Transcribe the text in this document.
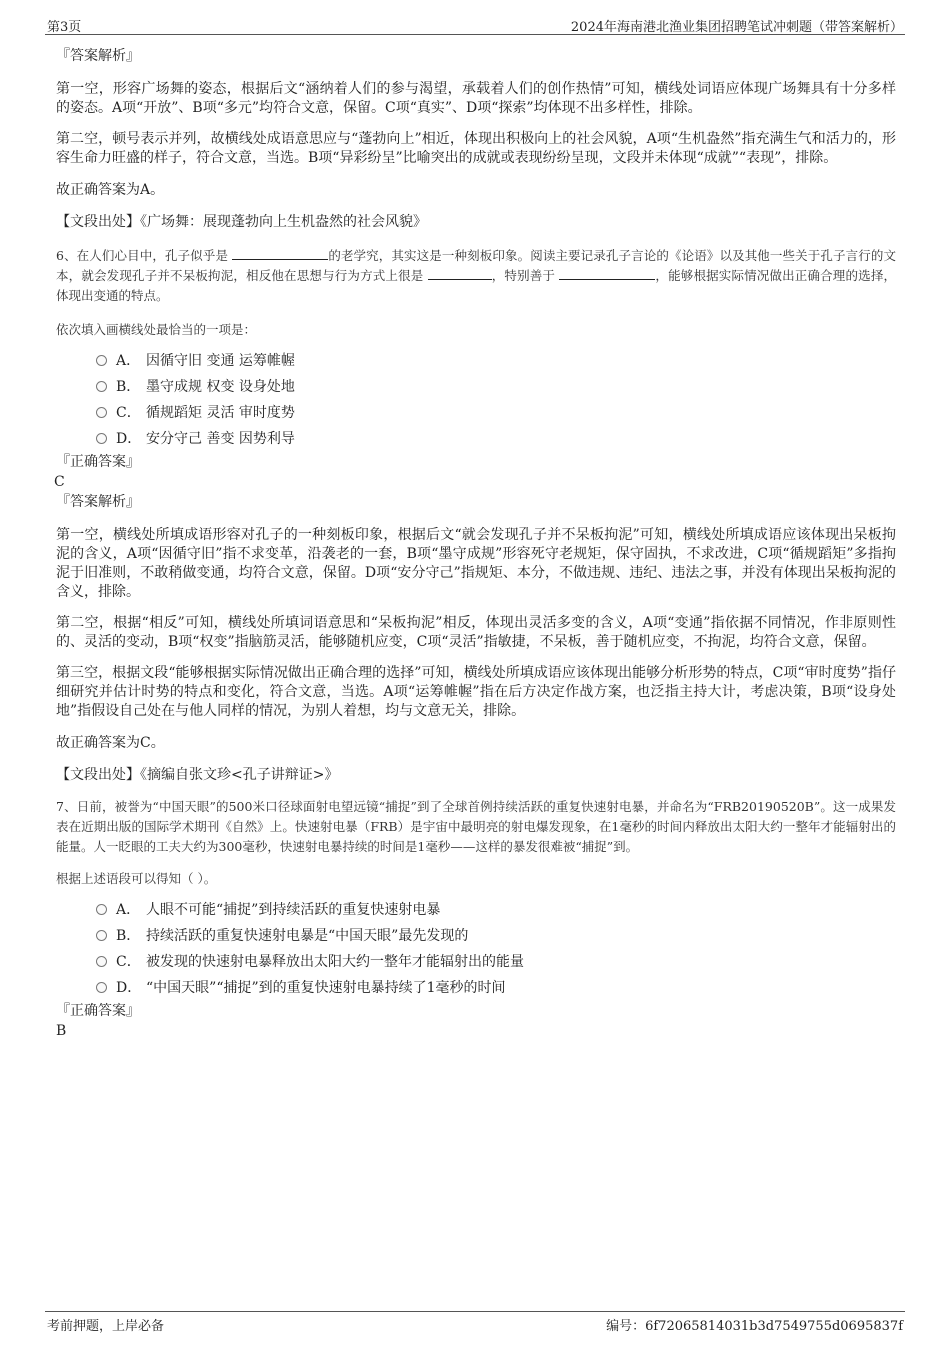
第3页	2024年海南港北渔业集团招聘笔试冲刺题（带答案解析）

『答案解析』

第一空，形容广场舞的姿态，根据后文“涵纳着人们的参与渴望，承载着人们的创作热情”可知，横线处词语应体现广场舞具有十分多样的姿态。A项“开放”、B项“多元”均符合文意，保留。C项“真实”、D项“探索”均体现不出多样性，排除。

第二空，顿号表示并列，故横线处成语意思应与“蓬勃向上”相近，体现出积极向上的社会风貌，A项“生机盎然”指充满生气和活力的，形容生命力旺盛的样子，符合文意，当选。B项“异彩纷呈”比喻突出的成就或表现纷纷呈现，文段并未体现“成就”“表现”，排除。

故正确答案为A。

【文段出处】《广场舞：展现蓬勃向上生机盎然的社会风貌》

6、在人们心目中，孔子似乎是	的老学究，其实这是一种刻板印象。阅读主要记录孔子言论的《论语》以及其他一些关于孔子言行的文本，就会发现孔子并不呆板拘泥，相反他在思想与行为方式上很是	，特别善于	，能够根据实际情况做出正确合理的选择，体现出变通的特点。

依次填入画横线处最恰当的一项是：

A． 因循守旧 变通 运筹帷幄
B． 墨守成规 权变 设身处地
C． 循规蹈矩 灵活 审时度势
D． 安分守己 善变 因势利导

『正确答案』

C

『答案解析』

第一空，横线处所填成语形容对孔子的一种刻板印象，根据后文“就会发现孔子并不呆板拘泥”可知，横线处所填成语应该体现出呆板拘泥的含义，A项“因循守旧”指不求变革，沿袭老的一套，B项“墨守成规”形容死守老规矩，保守固执，不求改进，C项“循规蹈矩”多指拘泥于旧准则，不敢稍做变通，均符合文意，保留。D项“安分守己”指规矩、本分，不做违规、违纪、违法之事，并没有体现出呆板拘泥的含义，排除。

第二空，根据“相反”可知，横线处所填词语意思和“呆板拘泥”相反，体现出灵活多变的含义，A项“变通”指依据不同情况，作非原则性的、灵活的变动，B项“权变”指脑筋灵活，能够随机应变，C项“灵活”指敏捷，不呆板，善于随机应变，不拘泥，均符合文意，保留。

第三空，根据文段“能够根据实际情况做出正确合理的选择”可知，横线处所填成语应该体现出能够分析形势的特点，C项“审时度势”指仔细研究并估计时势的特点和变化，符合文意，当选。A项“运筹帷幄”指在后方决定作战方案，也泛指主持大计，考虑决策，B项“设身处地”指假设自己处在与他人同样的情况，为别人着想，均与文意无关，排除。

故正确答案为C。

【文段出处】《摘编自张文珍<孔子讲辩证>》

7、日前，被誉为“中国天眼”的500米口径球面射电望远镜“捕捉”到了全球首例持续活跃的重复快速射电暴，并命名为“FRB20190520B”。这一成果发表在近期出版的国际学术期刊《自然》上。快速射电暴（FRB）是宇宙中最明亮的射电爆发现象，在1毫秒的时间内释放出太阳大约一整年才能辐射出的能量。人一眨眼的工夫大约为300毫秒，快速射电暴持续的时间是1毫秒——这样的暴发很难被“捕捉”到。

根据上述语段可以得知（ ）。

A． 人眼不可能“捕捉”到持续活跃的重复快速射电暴
B． 持续活跃的重复快速射电暴是“中国天眼”最先发现的
C． 被发现的快速射电暴释放出太阳大约一整年才能辐射出的能量
D． “中国天眼”“捕捉”到的重复快速射电暴持续了1毫秒的时间

『正确答案』

B

考前押题，上岸必备	编号：6f72065814031b3d7549755d0695837f
